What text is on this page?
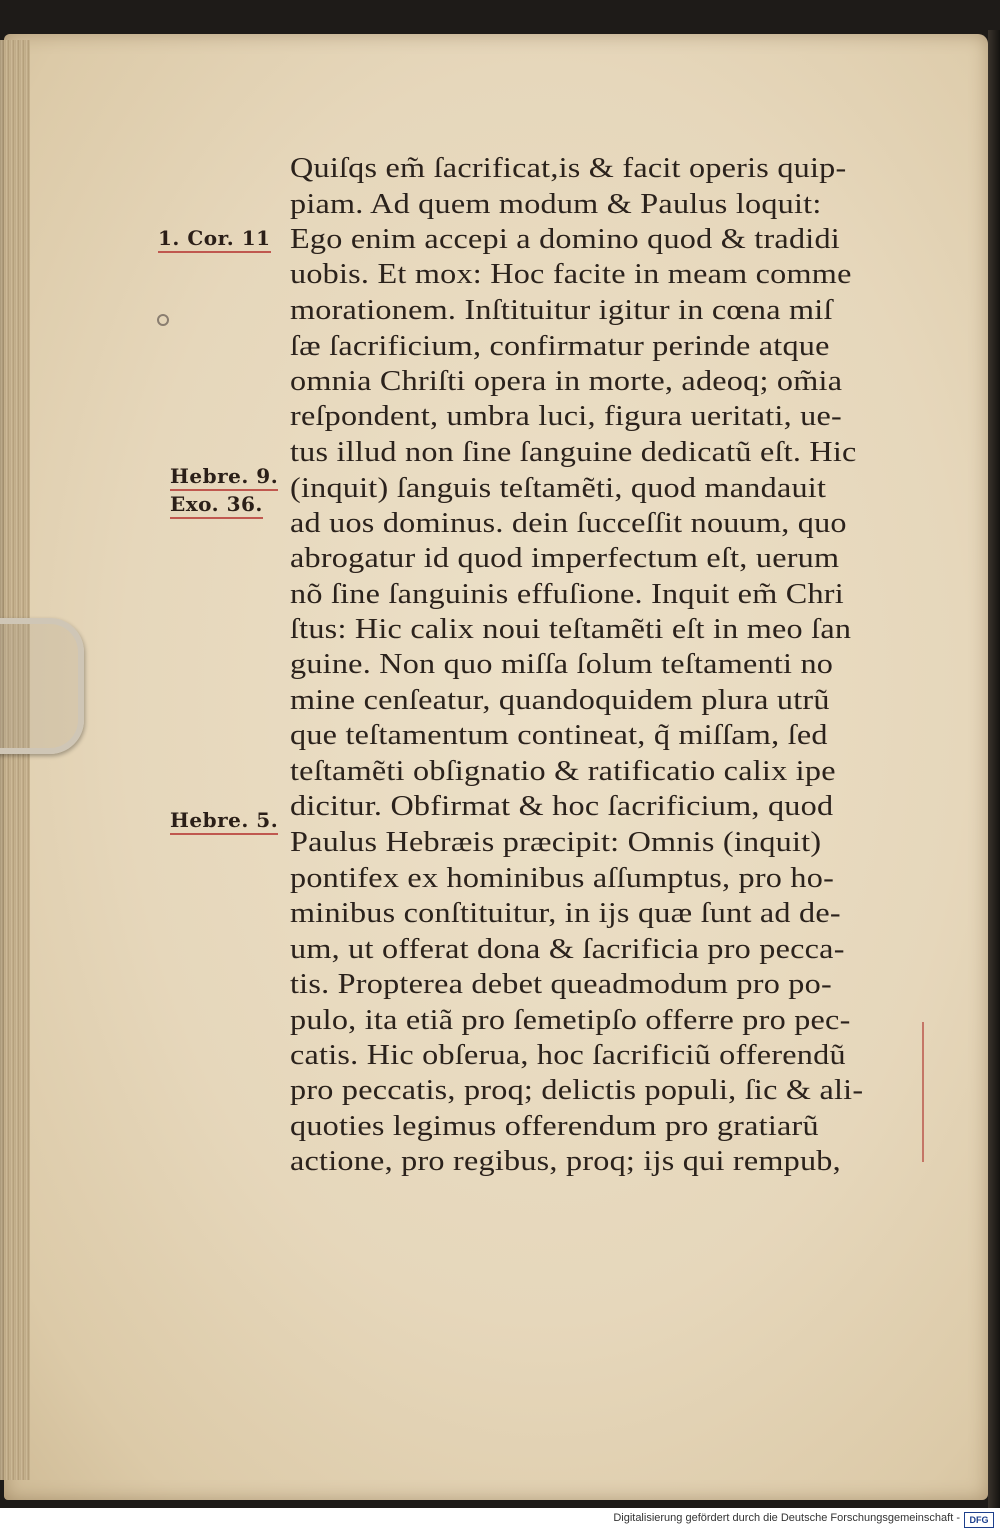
1. Cor. 11
Hebre. 9.
Exo. 36.
Hebre. 5.
Quiſqs em̃ ſacrificat,is & facit operis quip-
piam. Ad quem modum & Paulus loquit:
Ego enim accepi a domino quod & tradidi
uobis. Et mox: Hoc facite in meam comme
morationem. Inſtituitur igitur in cœna miſ
ſæ ſacrificium, confirmatur perinde atque
omnia Chriſti opera in morte, adeoq; om̃ia
reſpondent, umbra luci, figura ueritati, ue-
tus illud non ſine ſanguine dedicatũ eſt. Hic
(inquit) ſanguis teſtamẽti, quod mandauit
ad uos dominus. dein ſucceſſit nouum, quo
abrogatur id quod imperfectum eſt, uerum
nõ ſine ſanguinis effuſione. Inquit em̃ Chri
ſtus: Hic calix noui teſtamẽti eſt in meo ſan
guine. Non quo miſſa ſolum teſtamenti no
mine cenſeatur, quandoquidem plura utrũ
que teſtamentum contineat, q̃ miſſam, ſed
teſtamẽti obſignatio & ratificatio calix ipe
dicitur. Obfirmat & hoc ſacrificium, quod
Paulus Hebræis præcipit: Omnis (inquit)
pontifex ex hominibus aſſumptus, pro ho-
minibus conſtituitur, in ijs quæ ſunt ad de-
um, ut offerat dona & ſacrificia pro pecca-
tis. Propterea debet queadmodum pro po-
pulo, ita etiã pro ſemetipſo offerre pro pec-
catis. Hic obſerua, hoc ſacrificiũ offerendũ
pro peccatis, proq; delictis populi, ſic & ali-
quoties legimus offerendum pro gratiarũ
actione, pro regibus, proq; ijs qui rempub,
Digitalisierung gefördert durch die Deutsche Forschungsgemeinschaft -	DFG
